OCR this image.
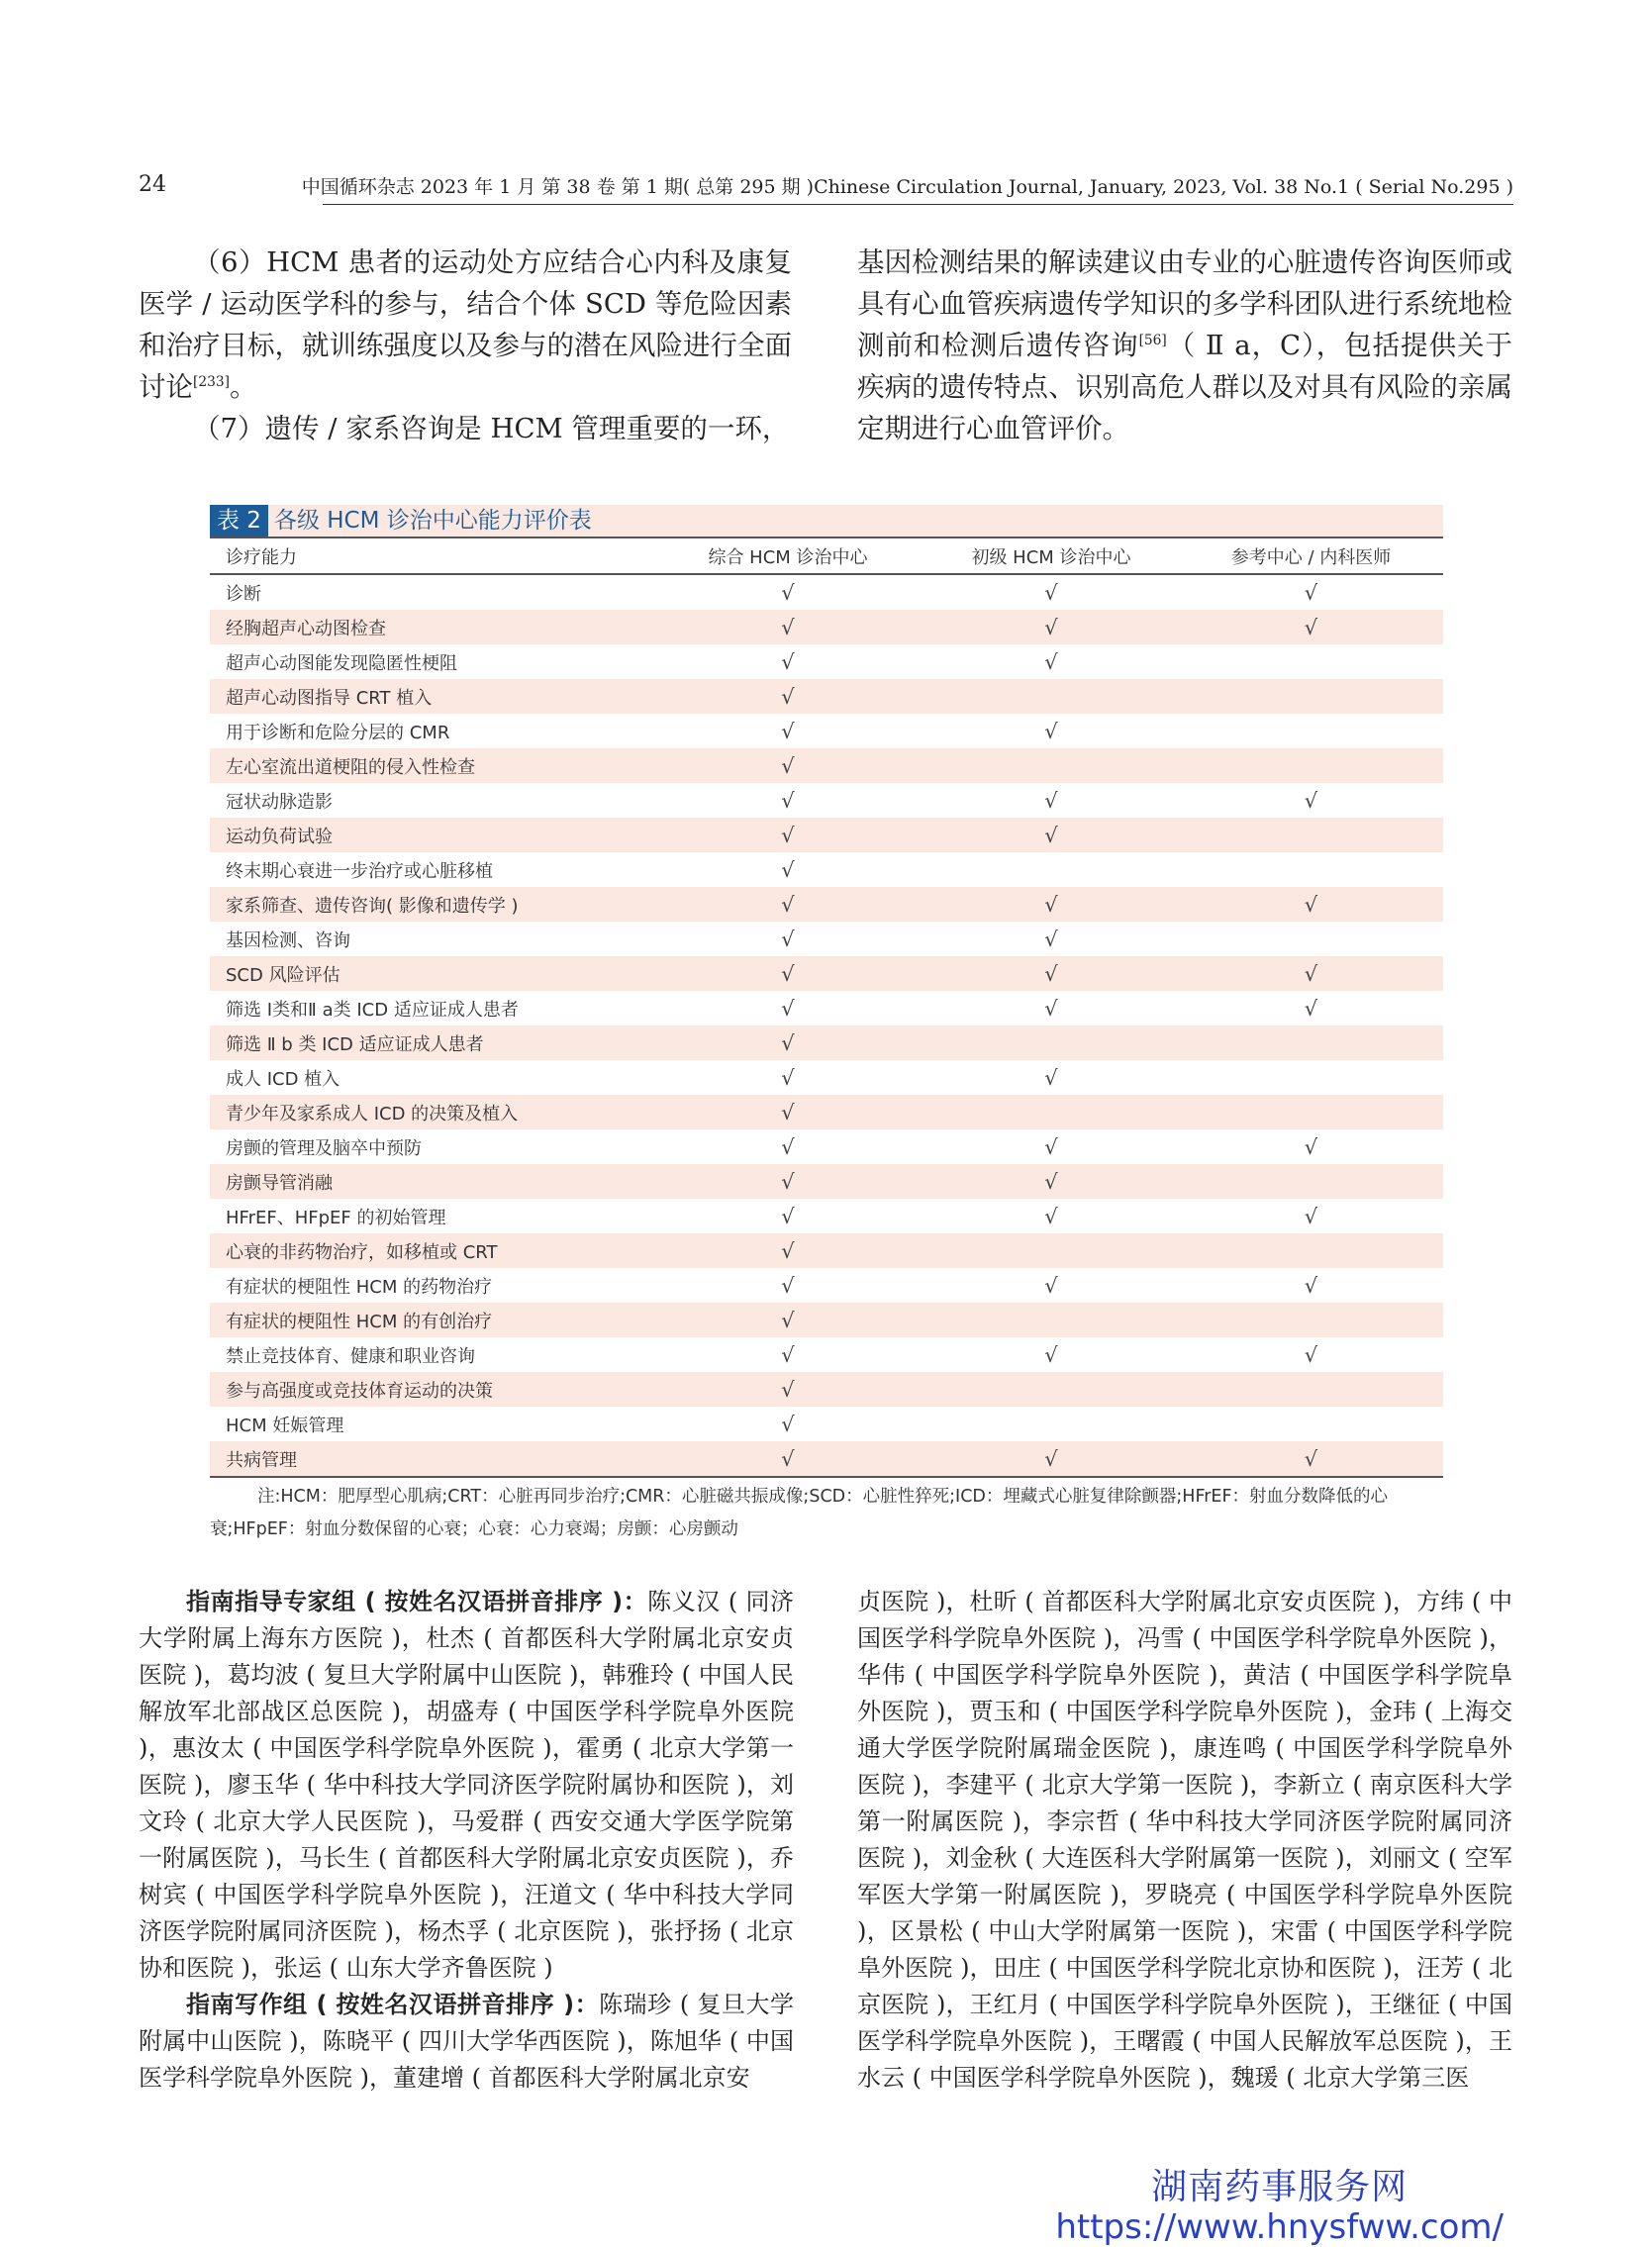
24	中国循环杂志 2023 年 1 月 第 38 卷 第 1 期( 总第 295 期 )Chinese Circulation Journal, January, 2023, Vol. 38 No.1 ( Serial No.295 )

（6）HCM 患者的运动处方应结合心内科及康复医学 / 运动医学科的参与，结合个体 SCD 等危险因素和治疗目标，就训练强度以及参与的潜在风险进行全面讨论[233]。

（7）遗传 / 家系咨询是 HCM 管理重要的一环，

基因检测结果的解读建议由专业的心脏遗传咨询医师或具有心血管疾病遗传学知识的多学科团队进行系统地检测前和检测后遗传咨询[56]（ Ⅱ a，C），包括提供关于疾病的遗传特点、识别高危人群以及对具有风险的亲属定期进行心血管评价。

表 2 各级 HCM 诊治中心能力评价表
诊疗能力	综合 HCM 诊治中心	初级 HCM 诊治中心	参考中心 / 内科医师
诊断	√	√	√
经胸超声心动图检查	√	√	√
超声心动图能发现隐匿性梗阻	√	√	
超声心动图指导 CRT 植入	√		
用于诊断和危险分层的 CMR	√	√	
左心室流出道梗阻的侵入性检查	√		
冠状动脉造影	√	√	√
运动负荷试验	√	√	
终末期心衰进一步治疗或心脏移植	√		
家系筛查、遗传咨询( 影像和遗传学 )	√	√	√
基因检测、咨询	√	√	
SCD 风险评估	√	√	√
筛选 Ⅰ类和Ⅱ a类 ICD 适应证成人患者	√	√	√
筛选 Ⅱ b 类 ICD 适应证成人患者	√		
成人 ICD 植入	√	√	
青少年及家系成人 ICD 的决策及植入	√		
房颤的管理及脑卒中预防	√	√	√
房颤导管消融	√	√	
HFrEF、HFpEF 的初始管理	√	√	√
心衰的非药物治疗，如移植或 CRT	√		
有症状的梗阻性 HCM 的药物治疗	√	√	√
有症状的梗阻性 HCM 的有创治疗	√		
禁止竞技体育、健康和职业咨询	√	√	√
参与高强度或竞技体育运动的决策	√		
HCM 妊娠管理	√		
共病管理	√	√	√
注:HCM：肥厚型心肌病;CRT：心脏再同步治疗;CMR：心脏磁共振成像;SCD：心脏性猝死;ICD：埋藏式心脏复律除颤器;HFrEF：射血分数降低的心衰;HFpEF：射血分数保留的心衰；心衰：心力衰竭；房颤：心房颤动

指南指导专家组 ( 按姓名汉语拼音排序 )：陈义汉 ( 同济大学附属上海东方医院 )，杜杰 ( 首都医科大学附属北京安贞医院 )，葛均波 ( 复旦大学附属中山医院 )，韩雅玲 ( 中国人民解放军北部战区总医院 )，胡盛寿 ( 中国医学科学院阜外医院 )，惠汝太 ( 中国医学科学院阜外医院 )，霍勇 ( 北京大学第一医院 )，廖玉华 ( 华中科技大学同济医学院附属协和医院 )，刘文玲 ( 北京大学人民医院 )，马爱群 ( 西安交通大学医学院第一附属医院 )，马长生 ( 首都医科大学附属北京安贞医院 )，乔树宾 ( 中国医学科学院阜外医院 )，汪道文 ( 华中科技大学同济医学院附属同济医院 )，杨杰孚 ( 北京医院 )，张抒扬 ( 北京协和医院 )，张运 ( 山东大学齐鲁医院 )

指南写作组 ( 按姓名汉语拼音排序 )：陈瑞珍 ( 复旦大学附属中山医院 )，陈晓平 ( 四川大学华西医院 )，陈旭华 ( 中国医学科学院阜外医院 )，董建增 ( 首都医科大学附属北京安

贞医院 )，杜昕 ( 首都医科大学附属北京安贞医院 )，方纬 ( 中国医学科学院阜外医院 )，冯雪 ( 中国医学科学院阜外医院 )，华伟 ( 中国医学科学院阜外医院 )，黄洁 ( 中国医学科学院阜外医院 )，贾玉和 ( 中国医学科学院阜外医院 )，金玮 ( 上海交通大学医学院附属瑞金医院 )，康连鸣 ( 中国医学科学院阜外医院 )，李建平 ( 北京大学第一医院 )，李新立 ( 南京医科大学第一附属医院 )，李宗哲 ( 华中科技大学同济医学院附属同济医院 )，刘金秋 ( 大连医科大学附属第一医院 )，刘丽文 ( 空军军医大学第一附属医院 )，罗晓亮 ( 中国医学科学院阜外医院 )，区景松 ( 中山大学附属第一医院 )，宋雷 ( 中国医学科学院阜外医院 )，田庄 ( 中国医学科学院北京协和医院 )，汪芳 ( 北京医院 )，王红月 ( 中国医学科学院阜外医院 )，王继征 ( 中国医学科学院阜外医院 )，王曙霞 ( 中国人民解放军总医院 )，王水云 ( 中国医学科学院阜外医院 )，魏瑗 ( 北京大学第三医

湖南药事服务网
https://www.hnysfww.com/
